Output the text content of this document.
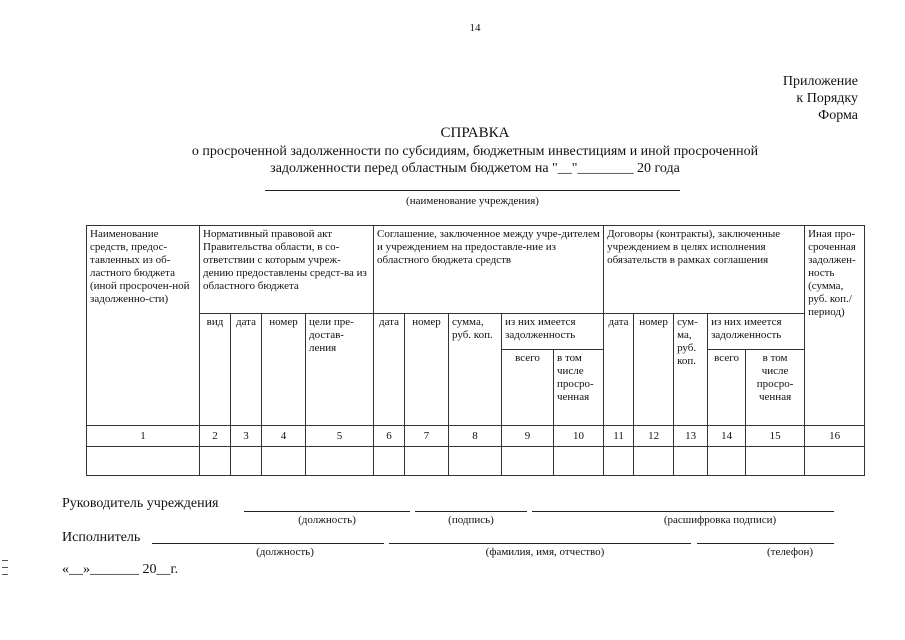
14
Приложение
к Порядку
Форма
СПРАВКА
о просроченной задолженности по субсидиям, бюджетным инвестициям и иной просроченной
задолженности перед областным бюджетом на "__"________ 20 года
(наименование учреждения)
Наименование средств, предос-тавленных из об-ластного бюджета (иной просрочен-ной задолженно-сти)	Нормативный правовой акт Правительства области, в со-ответствии с которым учреж-дению предоставлены средст-ва из областного бюджета				Соглашение, заключенное между учре-дителем и учреждением на предоставле-ние из областного бюджета средств					Договоры (контракты), заключенные учреждением в целях исполнения обязательств в рамках соглашения					Иная про-сроченная задолжен-ность (сумма, руб. коп./ период)
	вид	дата	номер	цели пре-достав-ления	дата	номер	сумма, руб. коп.	из них имеется задолженность		дата	номер	сум-ма, руб. коп.	из них имеется задолженность		
								всего	в том числе просро-ченная				всего	в том числе просро-ченная	
1	2	3	4	5	6	7	8	9	10	11	12	13	14	15	16

Руководитель учреждения
(должность)	(подпись)	(расшифровка подписи)
Исполнитель
(должность)	(фамилия, имя, отчество)	(телефон)
«__»_______ 20__г.
